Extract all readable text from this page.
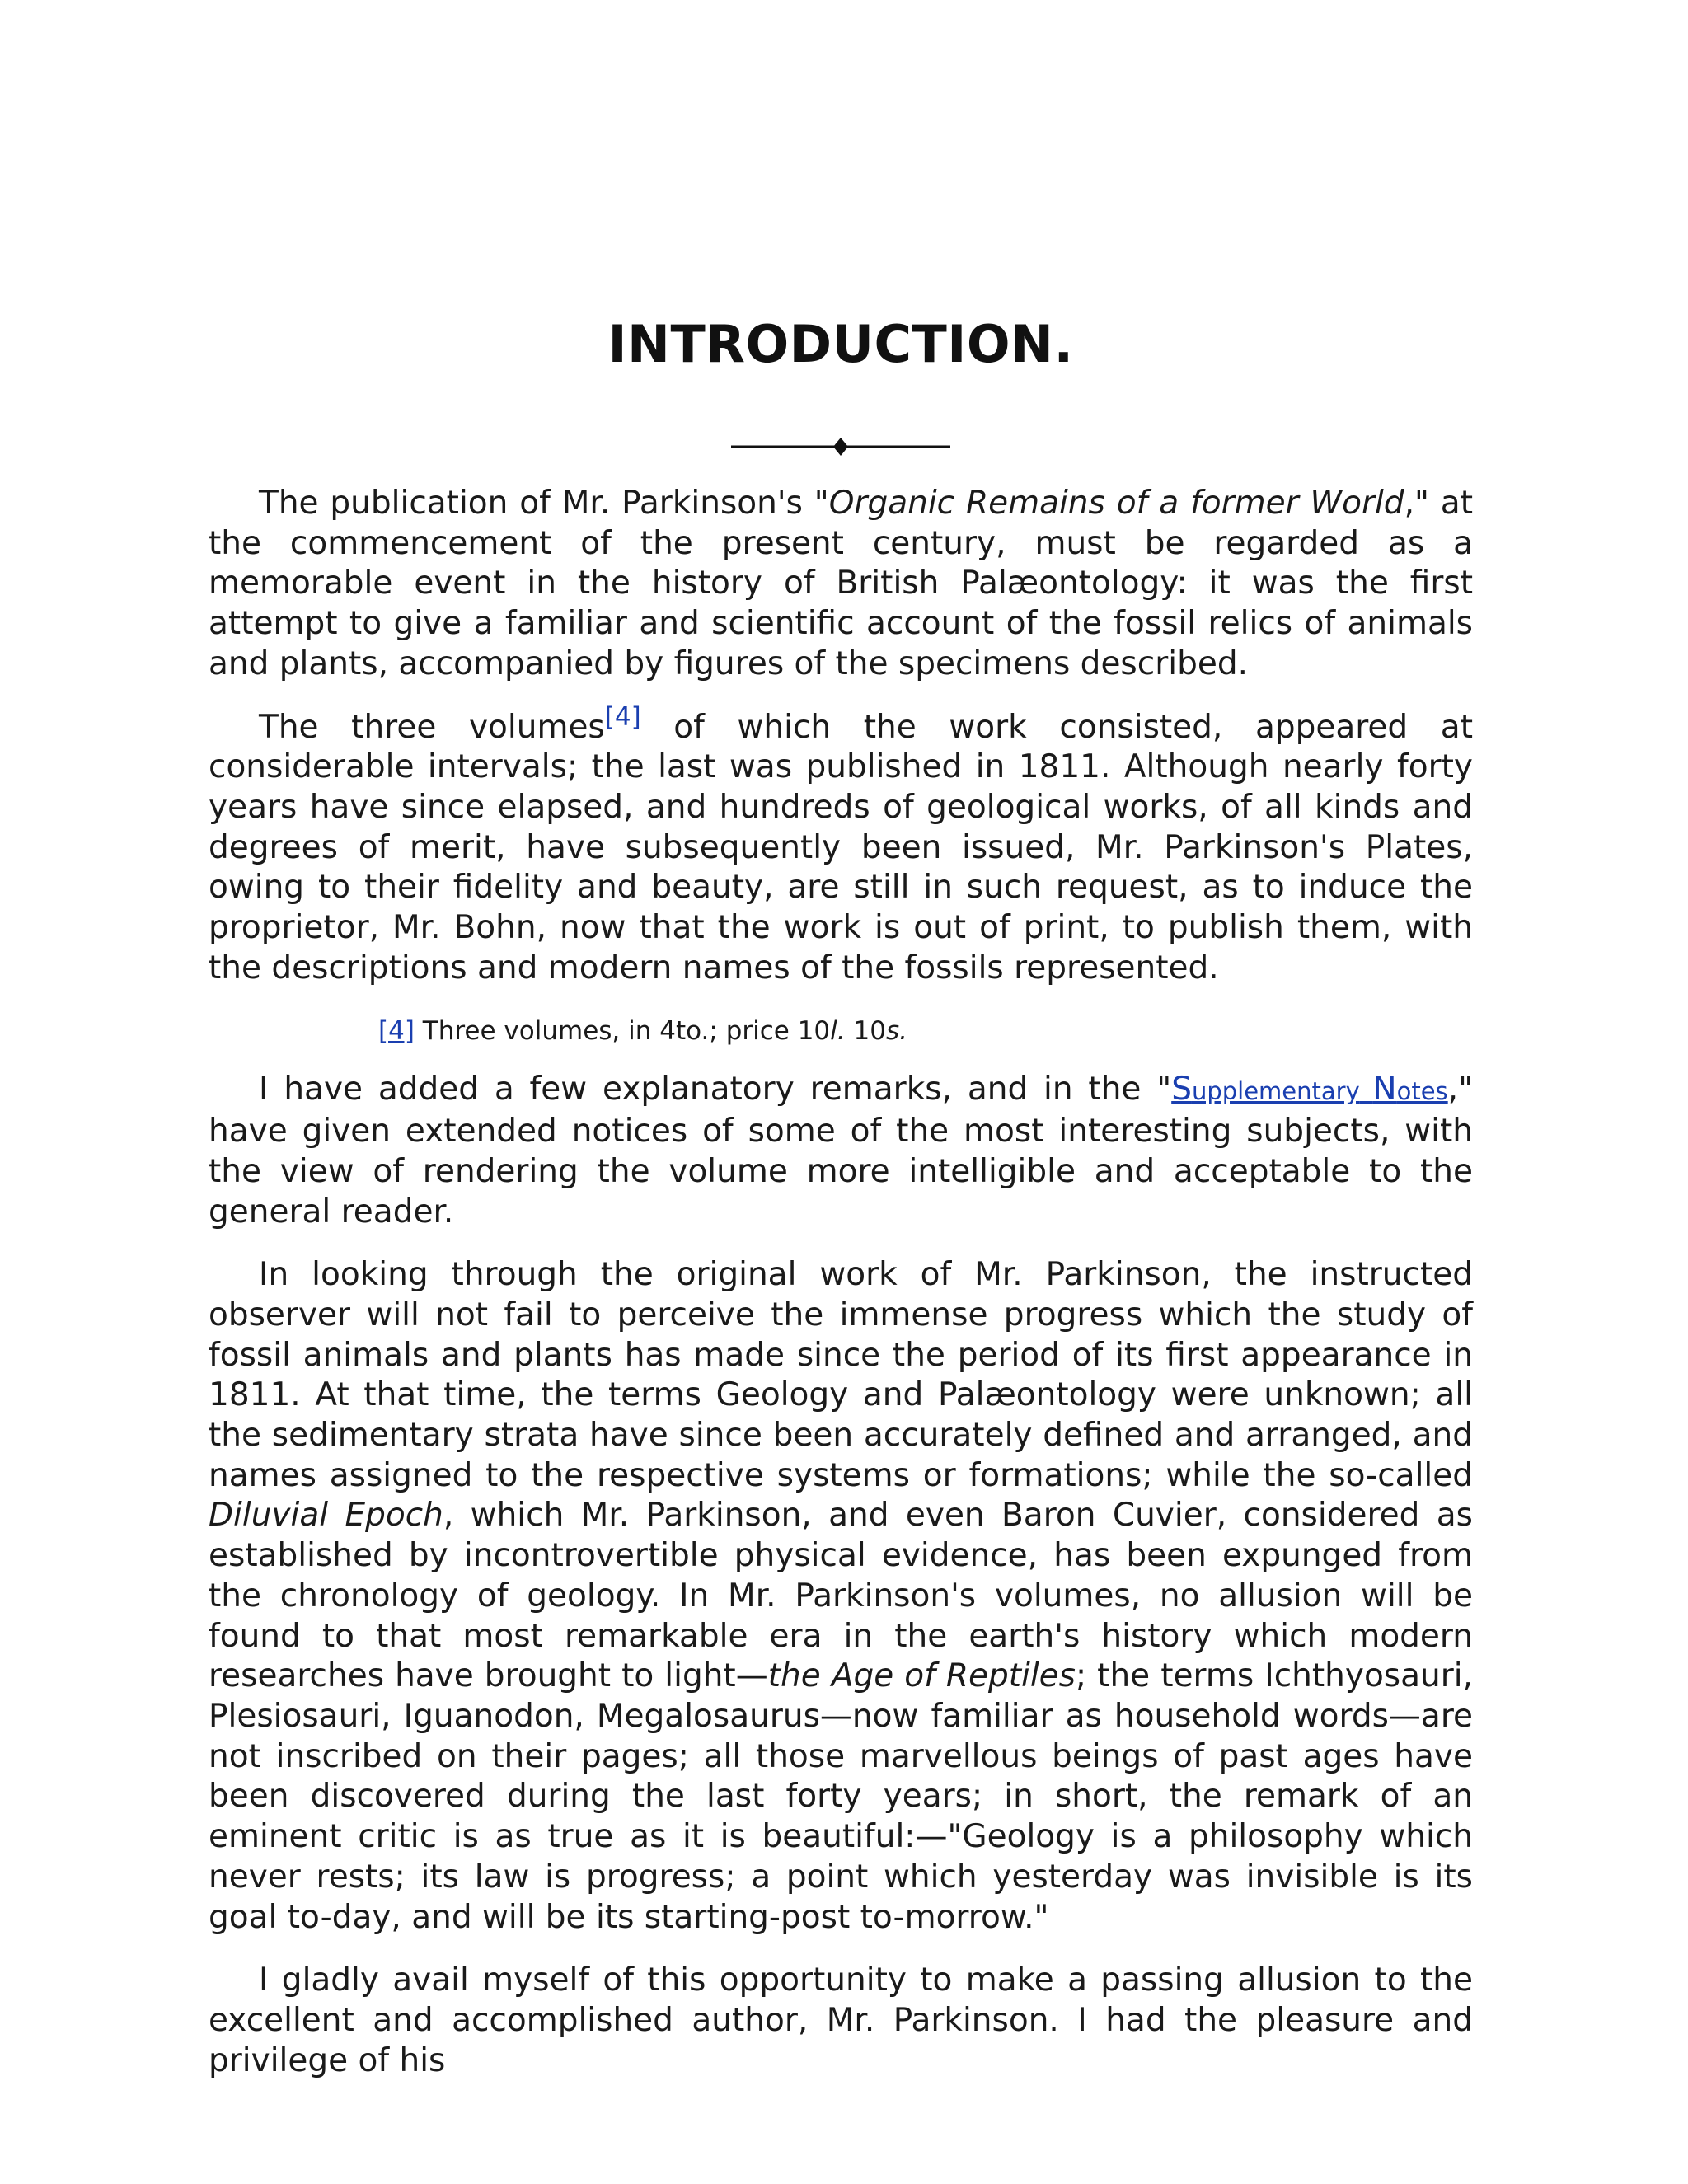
INTRODUCTION.

The publication of Mr. Parkinson's "Organic Remains of a former World," at the commencement of the present century, must be regarded as a memorable event in the history of British Palæontology: it was the first attempt to give a familiar and scientific account of the fossil relics of animals and plants, accompanied by figures of the specimens described.

The three volumes[4] of which the work consisted, appeared at considerable intervals; the last was published in 1811. Although nearly forty years have since elapsed, and hundreds of geological works, of all kinds and degrees of merit, have subsequently been issued, Mr. Parkinson's Plates, owing to their fidelity and beauty, are still in such request, as to induce the proprietor, Mr. Bohn, now that the work is out of print, to publish them, with the descriptions and modern names of the fossils represented.

[4] Three volumes, in 4to.; price 10l. 10s.

I have added a few explanatory remarks, and in the "Supplementary Notes," have given extended notices of some of the most interesting subjects, with the view of rendering the volume more intelligible and acceptable to the general reader.

In looking through the original work of Mr. Parkinson, the instructed observer will not fail to perceive the immense progress which the study of fossil animals and plants has made since the period of its first appearance in 1811. At that time, the terms Geology and Palæontology were unknown; all the sedimentary strata have since been accurately defined and arranged, and names assigned to the respective systems or formations; while the so-called Diluvial Epoch, which Mr. Parkinson, and even Baron Cuvier, considered as established by incontrovertible physical evidence, has been expunged from the chronology of geology. In Mr. Parkinson's volumes, no allusion will be found to that most remarkable era in the earth's history which modern researches have brought to light—the Age of Reptiles; the terms Ichthyosauri, Plesiosauri, Iguanodon, Megalosaurus—now familiar as household words—are not inscribed on their pages; all those marvellous beings of past ages have been discovered during the last forty years; in short, the remark of an eminent critic is as true as it is beautiful:—"Geology is a philosophy which never rests; its law is progress; a point which yesterday was invisible is its goal to-day, and will be its starting-post to-morrow."

I gladly avail myself of this opportunity to make a passing allusion to the excellent and accomplished author, Mr. Parkinson. I had the pleasure and privilege of his
